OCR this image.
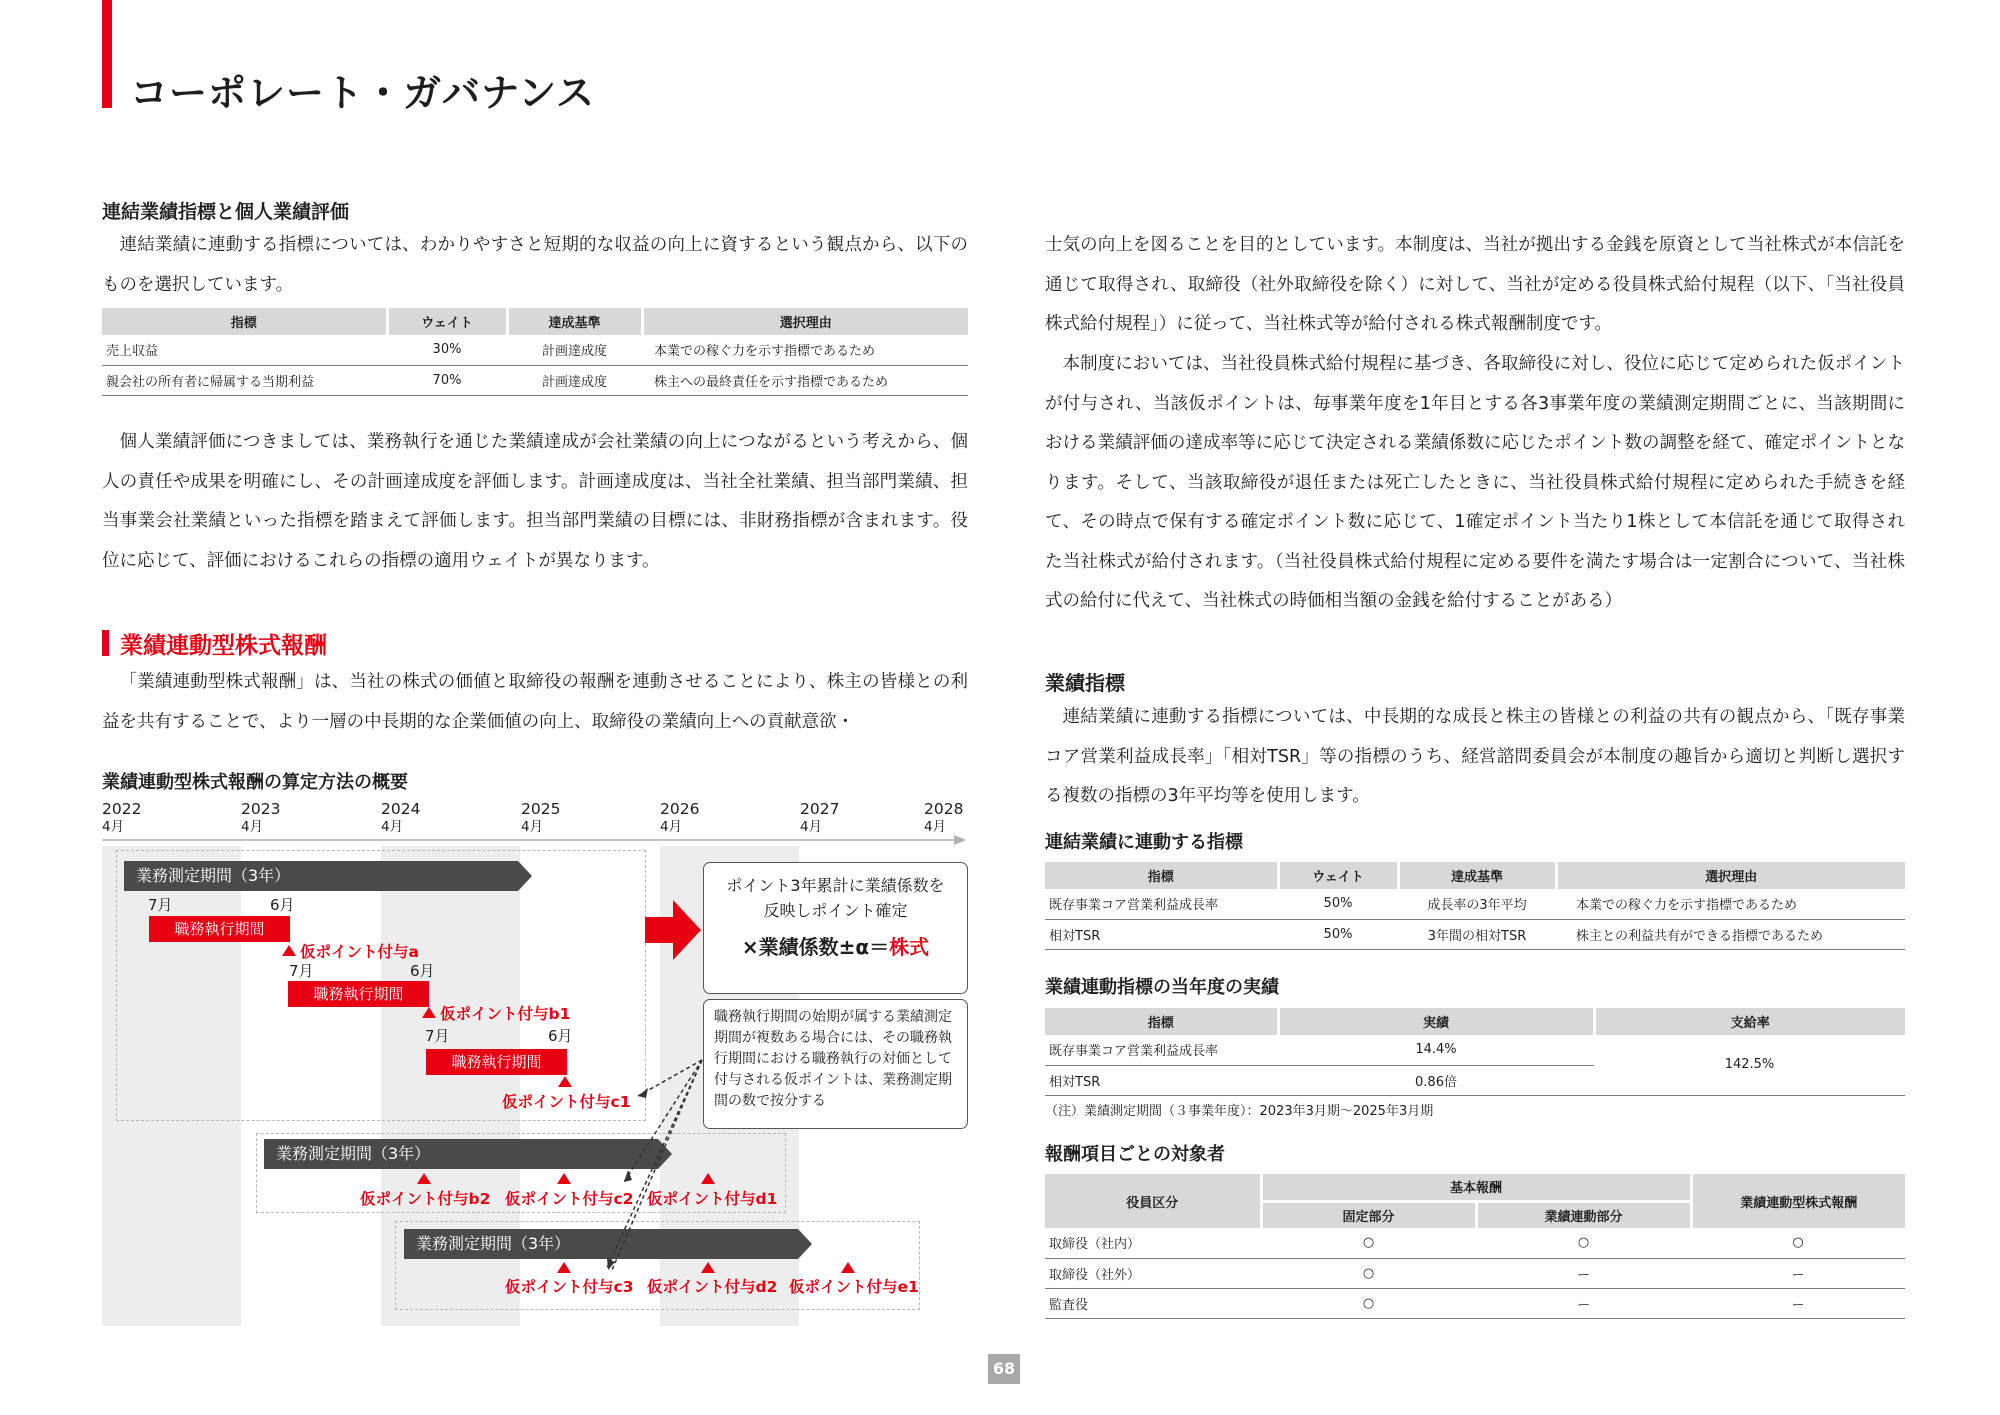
コーポレート・ガバナンス
連結業績指標と個人業績評価
連結業績に連動する指標については、わかりやすさと短期的な収益の向上に資するという観点から、以下のものを選択しています。
指標	ウェイト	達成基準	選択理由
売上収益	30%	計画達成度	本業での稼ぐ力を示す指標であるため
親会社の所有者に帰属する当期利益	70%	計画達成度	株主への最終責任を示す指標であるため
個人業績評価につきましては、業務執行を通じた業績達成が会社業績の向上につながるという考えから、個人の責任や成果を明確にし、その計画達成度を評価します。計画達成度は、当社全社業績、担当部門業績、担当事業会社業績といった指標を踏まえて評価します。担当部門業績の目標には、非財務指標が含まれます。役位に応じて、評価におけるこれらの指標の適用ウェイトが異なります。
業績連動型株式報酬
「業績連動型株式報酬」は、当社の株式の価値と取締役の報酬を連動させることにより、株主の皆様との利益を共有することで、より一層の中長期的な企業価値の向上、取締役の業績向上への貢献意欲・
業績連動型株式報酬の算定方法の概要
2022
4月
2023
4月
2024
4月
2025
4月
2026
4月
2027
4月
2028
4月
業務測定期間（3年）
業務測定期間（3年）
業務測定期間（3年）
7月	6月
職務執行期間
仮ポイント付与a
7月	6月
職務執行期間
仮ポイント付与b1
7月	6月
職務執行期間
仮ポイント付与c1
仮ポイント付与b2 仮ポイント付与c2 仮ポイント付与d1
仮ポイント付与c3 仮ポイント付与d2 仮ポイント付与e1
ポイント3年累計に業績係数を
反映しポイント確定
×業績係数±α＝株式
職務執行期間の始期が属する業績測定期間が複数ある場合には、その職務執行期間における職務執行の対価として付与される仮ポイントは、業務測定期間の数で按分する
士気の向上を図ることを目的としています。本制度は、当社が拠出する金銭を原資として当社株式が本信託を通じて取得され、取締役（社外取締役を除く）に対して、当社が定める役員株式給付規程（以下、「当社役員株式給付規程」）に従って、当社株式等が給付される株式報酬制度です。
本制度においては、当社役員株式給付規程に基づき、各取締役に対し、役位に応じて定められた仮ポイントが付与され、当該仮ポイントは、毎事業年度を1年目とする各3事業年度の業績測定期間ごとに、当該期間における業績評価の達成率等に応じて決定される業績係数に応じたポイント数の調整を経て、確定ポイントとなります。そして、当該取締役が退任または死亡したときに、当社役員株式給付規程に定められた手続きを経て、その時点で保有する確定ポイント数に応じて、1確定ポイント当たり1株として本信託を通じて取得された当社株式が給付されます。（当社役員株式給付規程に定める要件を満たす場合は一定割合について、当社株式の給付に代えて、当社株式の時価相当額の金銭を給付することがある）
業績指標
連結業績に連動する指標については、中長期的な成長と株主の皆様との利益の共有の観点から、「既存事業コア営業利益成長率」「相対TSR」等の指標のうち、経営諮問委員会が本制度の趣旨から適切と判断し選択する複数の指標の3年平均等を使用します。
連結業績に連動する指標
指標	ウェイト	達成基準	選択理由
既存事業コア営業利益成長率	50%	成長率の3年平均	本業での稼ぐ力を示す指標であるため
相対TSR	50%	3年間の相対TSR	株主との利益共有ができる指標であるため
業績連動指標の当年度の実績
指標	実績	支給率
既存事業コア営業利益成長率	14.4%	142.5%
相対TSR	0.86倍	
（注）業績測定期間（３事業年度）：2023年3月期〜2025年3月期
報酬項目ごとの対象者
役員区分	基本報酬		業績連動型株式報酬
	固定部分	業績連動部分	
取締役（社内）	○	○	○
取締役（社外）	○	ー	ー
監査役	○	ー	ー
68
